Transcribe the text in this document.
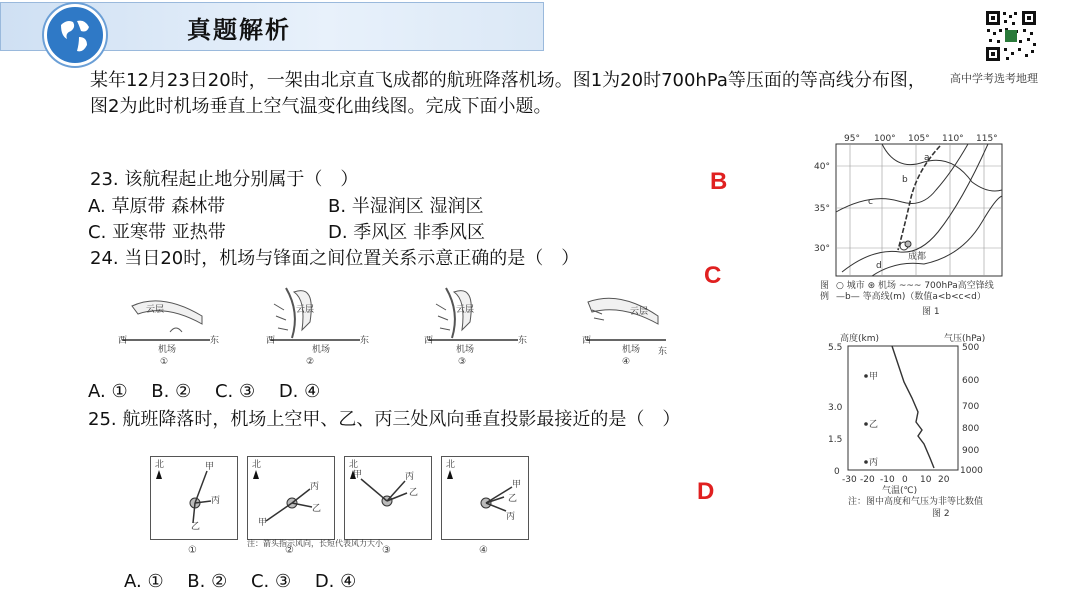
真题解析
高中学考选考地理
某年12月23日20时，一架由北京直飞成都的航班降落机场。图1为20时700hPa等压面的等高线分布图，图2为此时机场垂直上空气温变化曲线图。完成下面小题。
23. 该航程起止地分别属于（　）
A. 草原带 森林带	B. 半湿润区 湿润区
C. 亚寒带 亚热带	D. 季风区 非季风区
B
24. 当日20时，机场与锋面之间位置关系示意正确的是（　）
C
西	东
机场
云层
①
西	东
机场
云层
②
西	东
机场
云层
③
西
东
机场
云层
④
A. ①　 B. ②　 C. ③　 D. ④
25. 航班降落时，机场上空甲、乙、丙三处风向垂直投影最接近的是（　）
D
北	甲
丙
乙
北
丙
乙
甲
北
甲
乙
丙
北
甲
丙
乙
①	②	③	④
注：箭头指示风向，长短代表风力大小
A. ①　 B. ②　 C. ③　 D. ④
95° 100° 105° 110° 115°
40°
35°
30°
a
b
c
d
成都
图
例
○ 城市 ⊛ 机场 ~~~ 700hPa高空锋线
—b— 等高线(m)（数值a<b<c<d）
图 1
高度(km)	气压(hPa)
5.5
3.0
1.5
0
500
600
700
800
900
1000
-30 -20 -10 0 10 20
气温(℃)
甲
乙
丙
注：图中高度和气压为非等比数值
图 2
